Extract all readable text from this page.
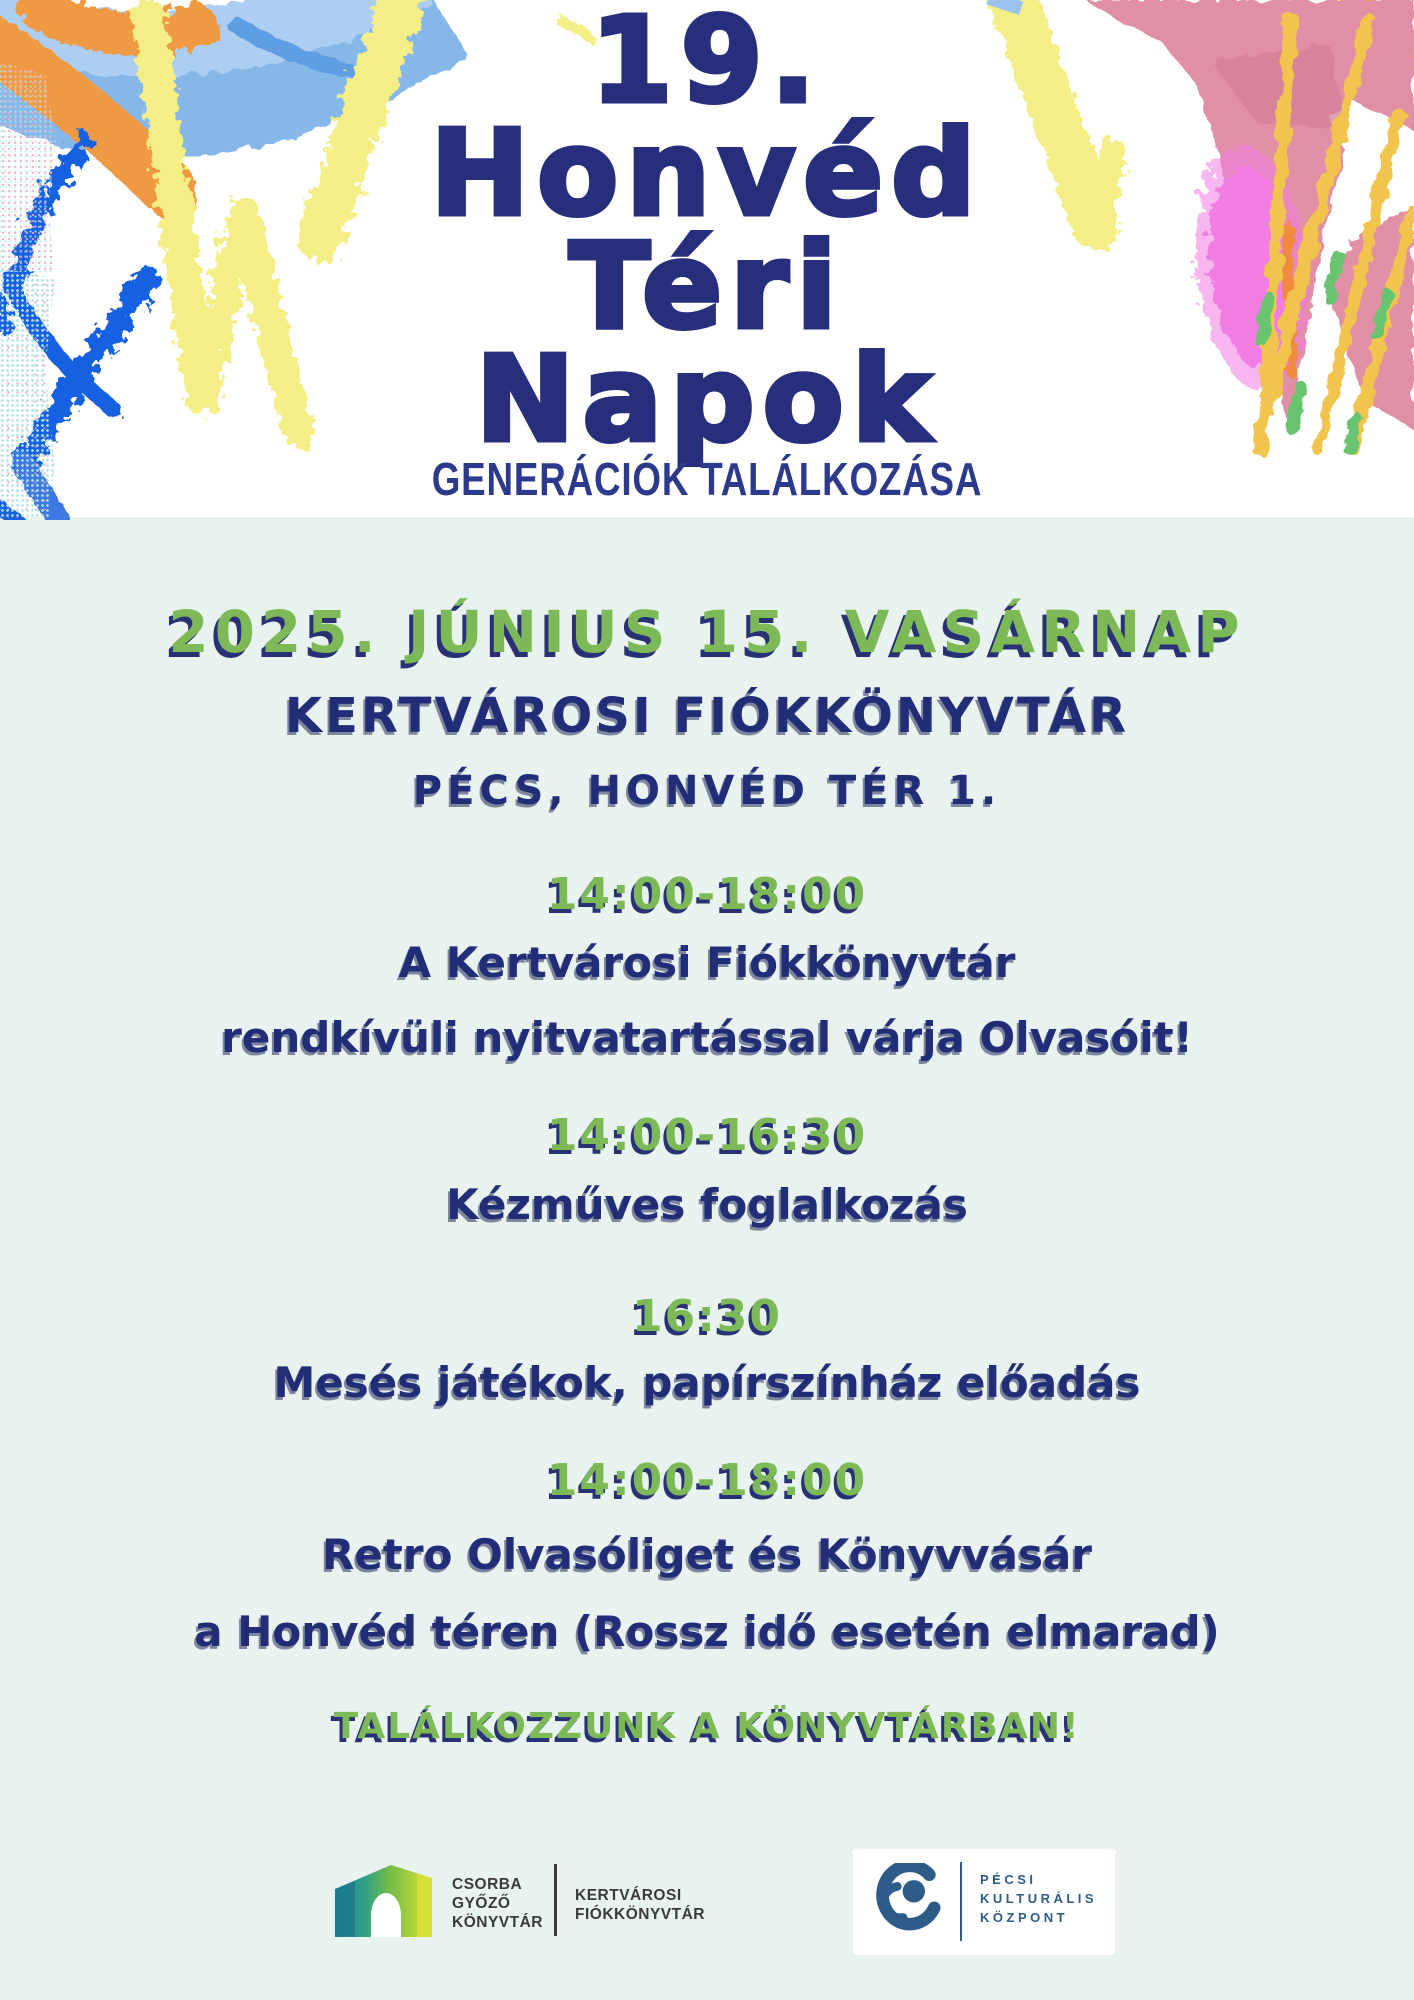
19.
Honvéd
Téri
Napok
GENERÁCIÓK TALÁLKOZÁSA
2025. JÚNIUS 15. VASÁRNAP
KERTVÁROSI FIÓKKÖNYVTÁR
PÉCS, HONVÉD TÉR 1.
14:00-18:00
A Kertvárosi Fiókkönyvtár
rendkívüli nyitvatartással várja Olvasóit!
14:00-16:30
Kézműves foglalkozás
16:30
Mesés játékok, papírszínház előadás
14:00-18:00
Retro Olvasóliget és Könyvvásár
a Honvéd téren (Rossz idő esetén elmarad)
TALÁLKOZZUNK A KÖNYVTÁRBAN!
CSORBA
GYŐZŐ
KÖNYVTÁR
KERTVÁROSI
FIÓKKÖNYVTÁR
PÉCSI
KULTURÁLIS
KÖZPONT
